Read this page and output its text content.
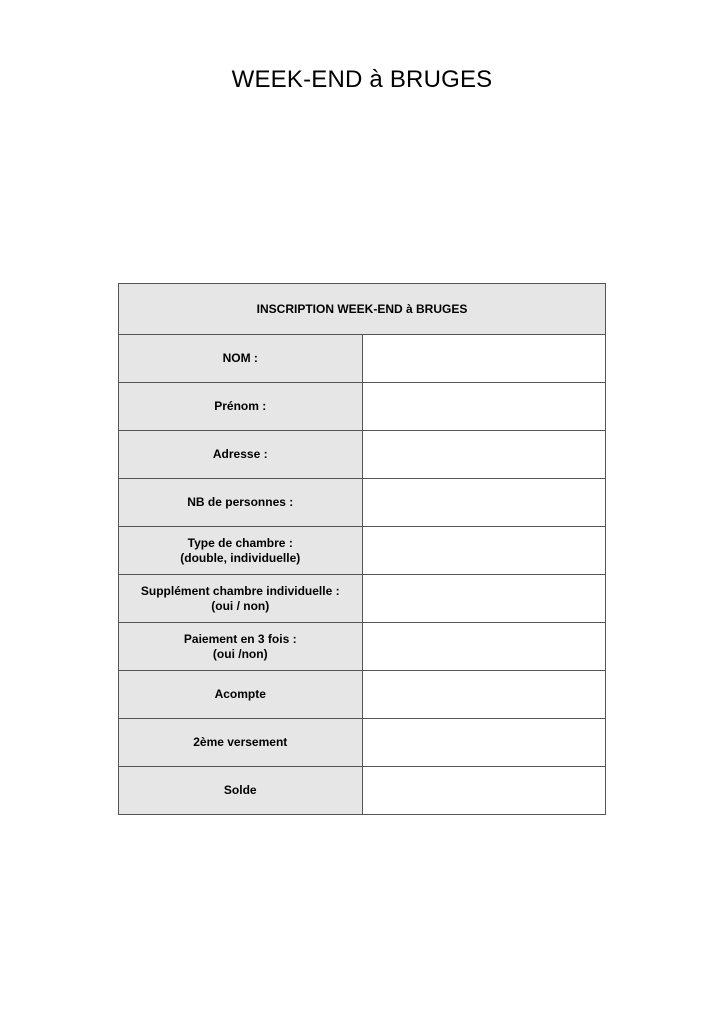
WEEK-END à BRUGES
INSCRIPTION WEEK-END à BRUGES	

NOM :	

Prénom :	

Adresse :	

NB de personnes :	

Type de chambre :
(double, individuelle)	

Supplément chambre individuelle :
(oui / non)	

Paiement en 3 fois :
(oui /non)	

Acompte	

2ème versement	

Solde	
